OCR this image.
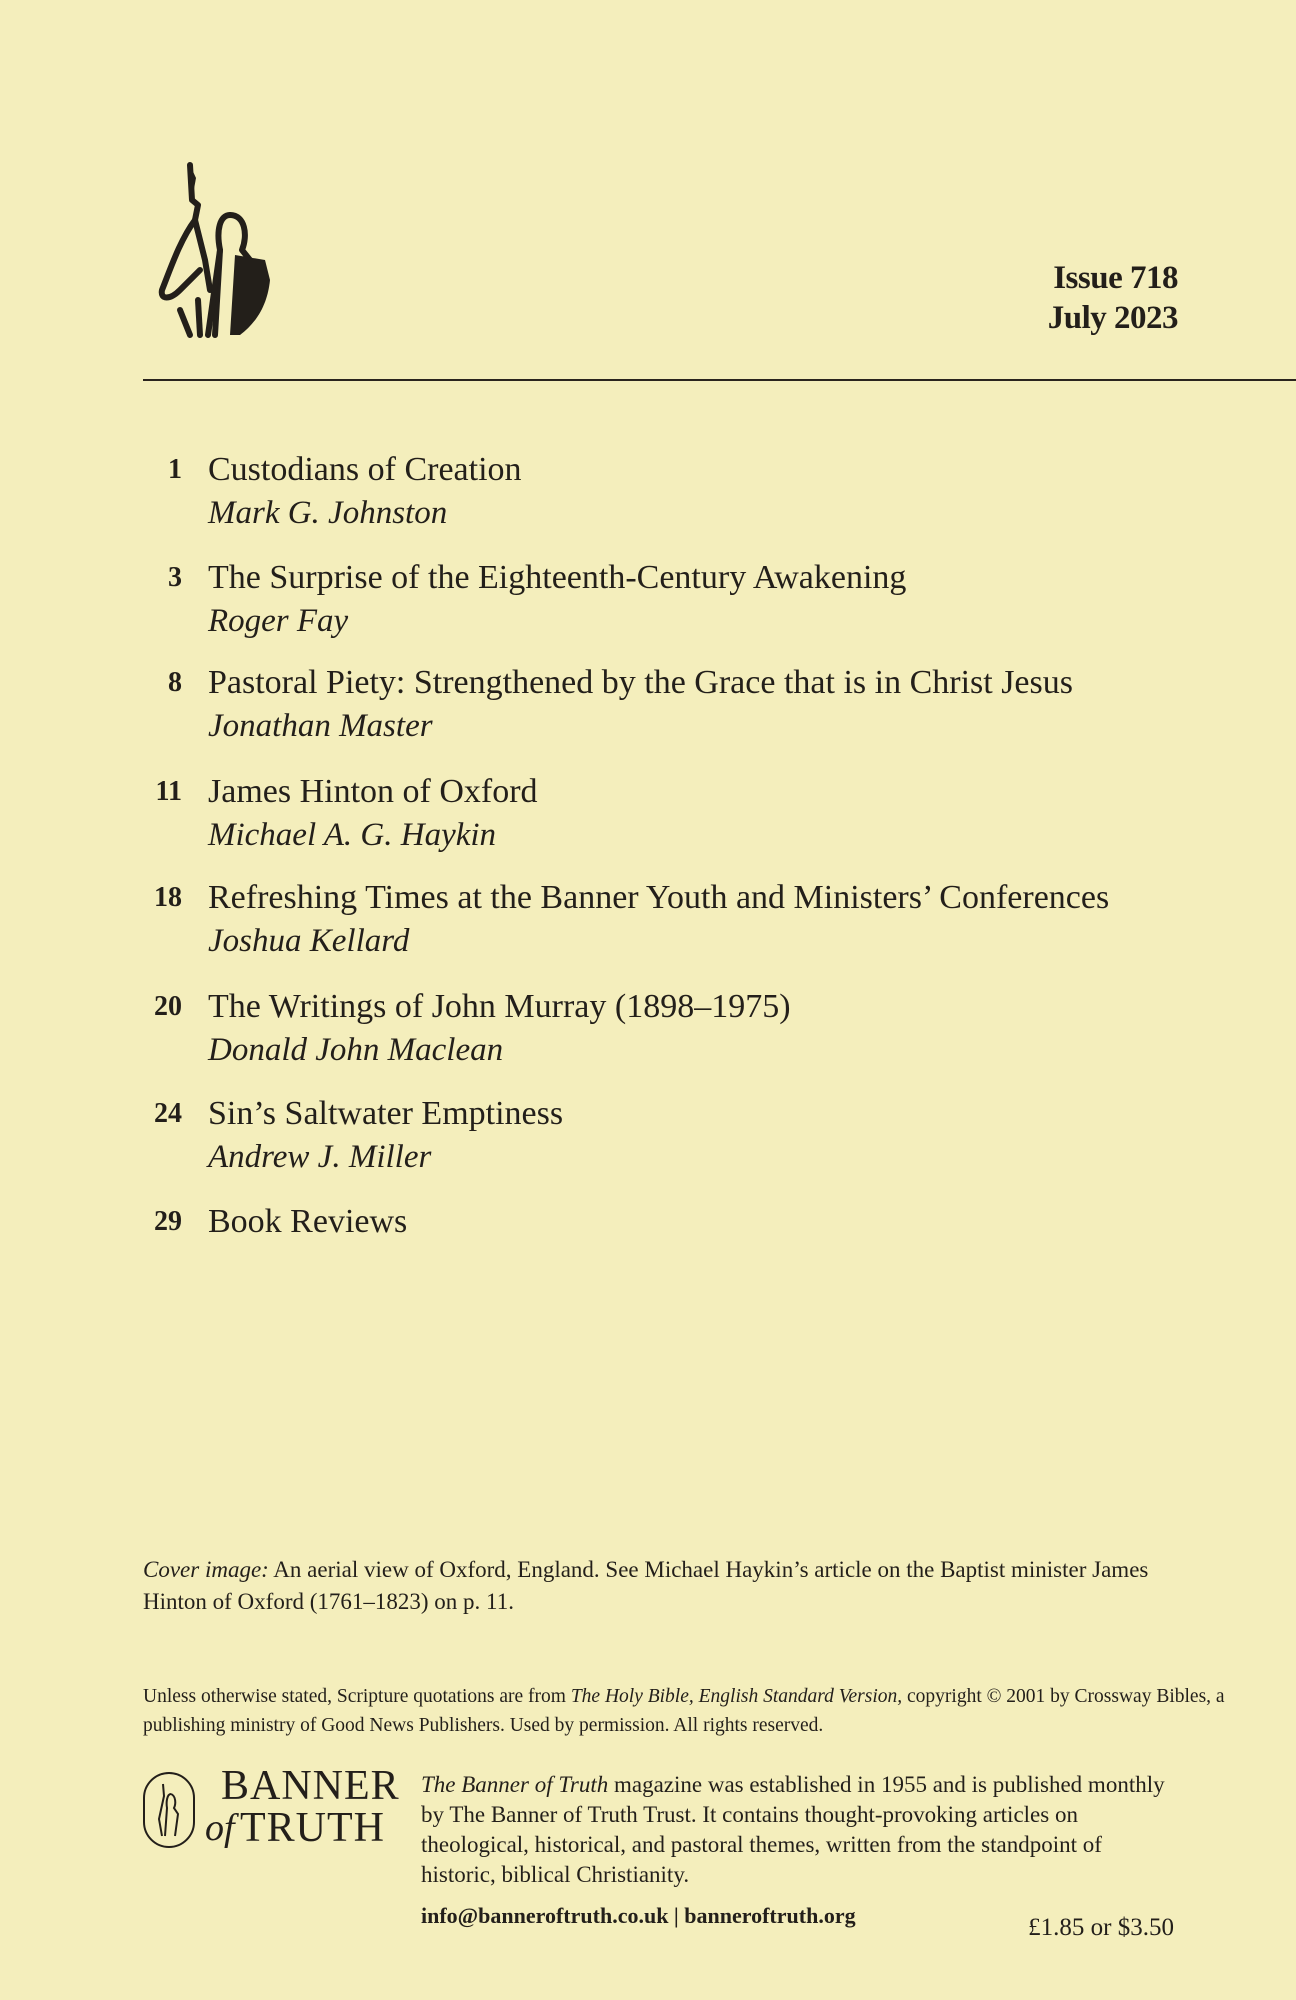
Issue 718
July 2023
1 Custodians of Creation
Mark G. Johnston
3 The Surprise of the Eighteenth-Century Awakening
Roger Fay
8 Pastoral Piety: Strengthened by the Grace that is in Christ Jesus
Jonathan Master
11 James Hinton of Oxford
Michael A. G. Haykin
18 Refreshing Times at the Banner Youth and Ministers’ Conferences
Joshua Kellard
20 The Writings of John Murray (1898–1975)
Donald John Maclean
24 Sin’s Saltwater Emptiness
Andrew J. Miller
29 Book Reviews
Cover image: An aerial view of Oxford, England. See Michael Haykin’s article on the Baptist minister James Hinton of Oxford (1761–1823) on p. 11.
Unless otherwise stated, Scripture quotations are from The Holy Bible, English Standard Version, copyright © 2001 by Crossway Bibles, a publishing ministry of Good News Publishers. Used by permission. All rights reserved.
BANNER
of TRUTH
The Banner of Truth magazine was established in 1955 and is published monthly by The Banner of Truth Trust. It contains thought-provoking articles on theological, historical, and pastoral themes, written from the standpoint of historic, biblical Christianity.
info@banneroftruth.co.uk | banneroftruth.org	£1.85 or $3.50
